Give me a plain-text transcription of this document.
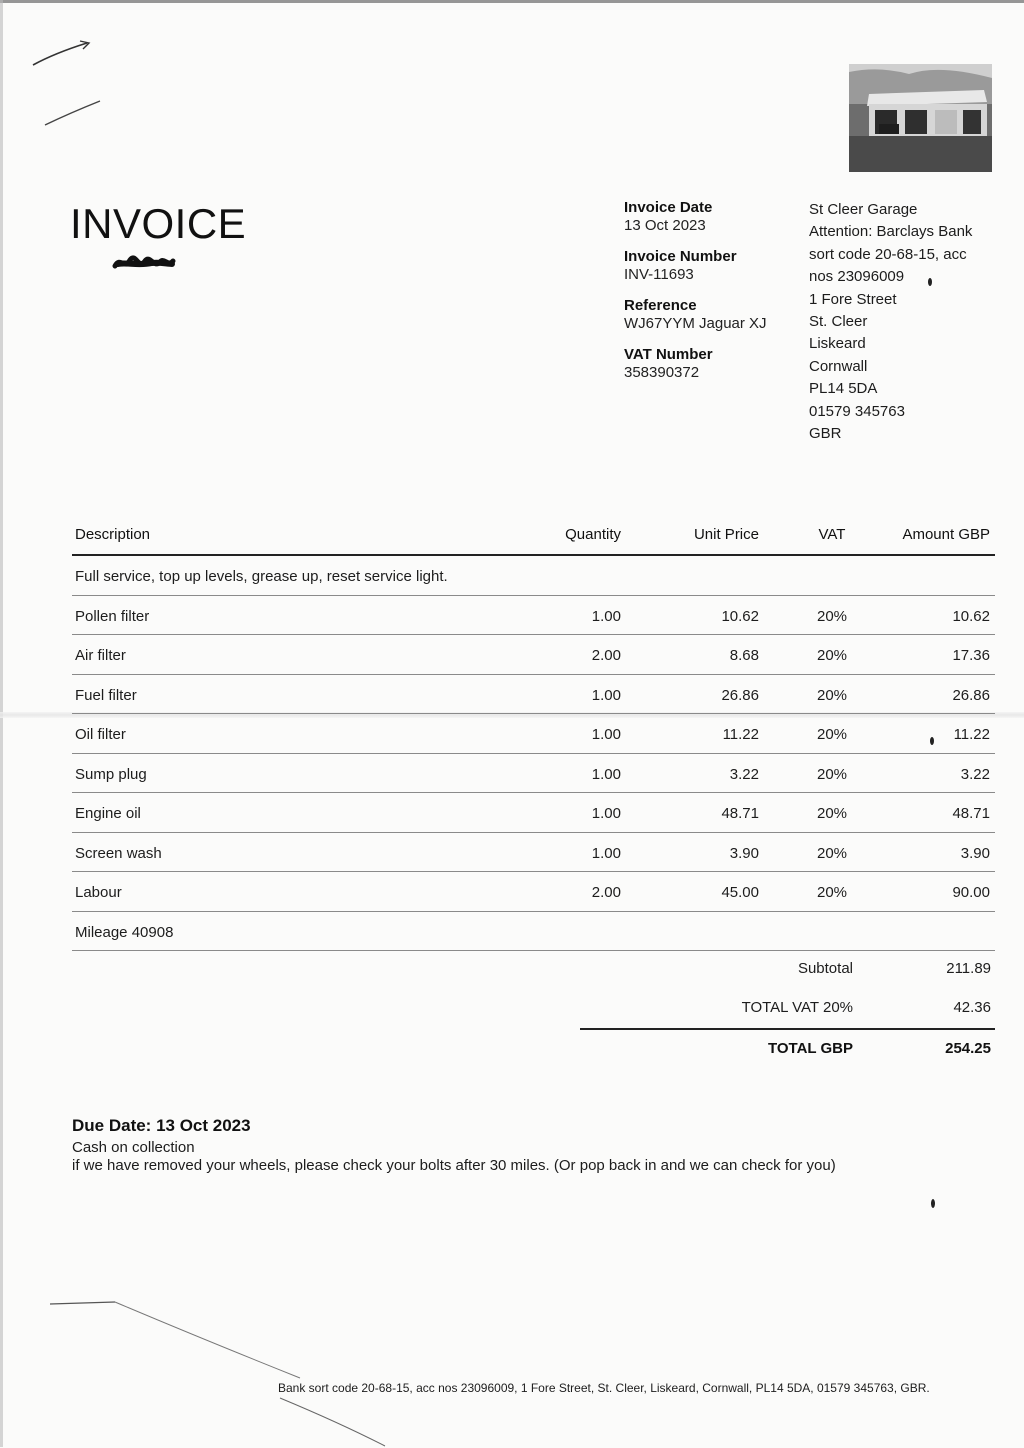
INVOICE	Invoice Date

13 Oct 2023

Invoice Number

INV-11693

Reference

WJ67YYM Jaguar XJ

VAT Number

358390372

St Cleer Garage
Attention: Barclays Bank
sort code 20-68-15, acc
nos 23096009
1 Fore Street
St. Cleer
Liskeard
Cornwall
PL14 5DA
01579 345763
GBR
Description	Quantity	Unit Price	VAT	Amount GBP
Full service, top up levels, grease up, reset service light.
Pollen filter	1.00	10.62	20%	10.62
Air filter	2.00	8.68	20%	17.36
Fuel filter	1.00	26.86	20%	26.86
Oil filter	1.00	11.22	20%	11.22
Sump plug	1.00	3.22	20%	3.22
Engine oil	1.00	48.71	20%	48.71
Screen wash	1.00	3.90	20%	3.90
Labour	2.00	45.00	20%	90.00
Mileage 40908
Subtotal	211.89
TOTAL VAT 20%	42.36
TOTAL GBP	254.25
Due Date: 13 Oct 2023
Cash on collection
if we have removed your wheels, please check your bolts after 30 miles. (Or pop back in and we can check for you)
Bank sort code 20-68-15, acc nos 23096009, 1 Fore Street, St. Cleer, Liskeard, Cornwall, PL14 5DA, 01579 345763, GBR.
